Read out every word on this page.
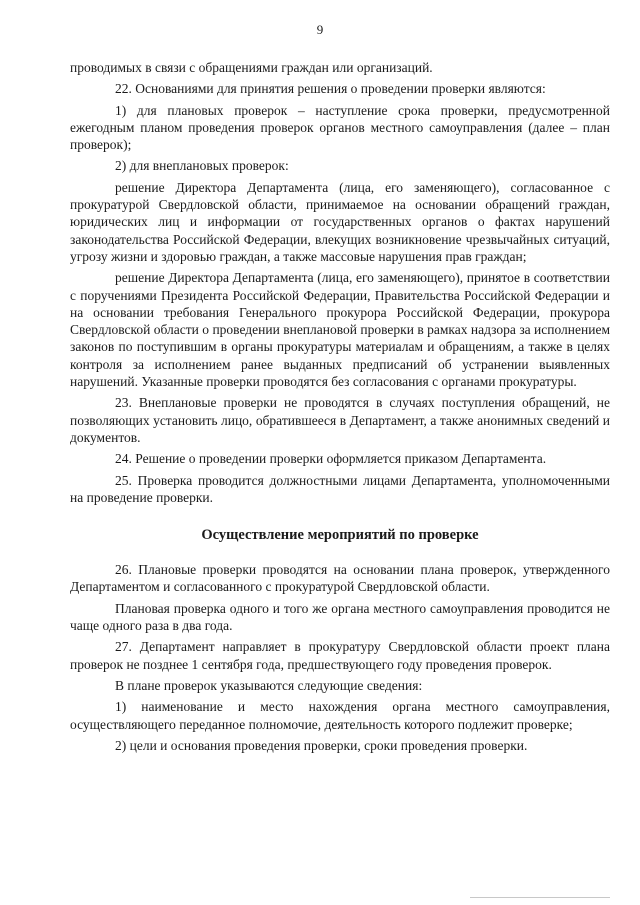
9

проводимых в связи с обращениями граждан или организаций.

22. Основаниями для принятия решения о проведении проверки являются:

1) для плановых проверок – наступление срока проверки, предусмотренной ежегодным планом проведения проверок органов местного самоуправления (далее – план проверок);

2) для внеплановых проверок:

решение Директора Департамента (лица, его заменяющего), согласованное с прокуратурой Свердловской области, принимаемое на основании обращений граждан, юридических лиц и информации от государственных органов о фактах нарушений законодательства Российской Федерации, влекущих возникновение чрезвычайных ситуаций, угрозу жизни и здоровью граждан, а также массовые нарушения прав граждан;

решение Директора Департамента (лица, его заменяющего), принятое в соответствии с поручениями Президента Российской Федерации, Правительства Российской Федерации и на основании требования Генерального прокурора Российской Федерации, прокурора Свердловской области о проведении внеплановой проверки в рамках надзора за исполнением законов по поступившим в органы прокуратуры материалам и обращениям, а также в целях контроля за исполнением ранее выданных предписаний об устранении выявленных нарушений. Указанные проверки проводятся без согласования с органами прокуратуры.

23. Внеплановые проверки не проводятся в случаях поступления обращений, не позволяющих установить лицо, обратившееся в Департамент, а также анонимных сведений и документов.

24. Решение о проведении проверки оформляется приказом Департамента.

25. Проверка проводится должностными лицами Департамента, уполномоченными на проведение проверки.

Осуществление мероприятий по проверке

26. Плановые проверки проводятся на основании плана проверок, утвержденного Департаментом и согласованного с прокуратурой Свердловской области.

Плановая проверка одного и того же органа местного самоуправления проводится не чаще одного раза в два года.

27. Департамент направляет в прокуратуру Свердловской области проект плана проверок не позднее 1 сентября года, предшествующего году проведения проверок.

В плане проверок указываются следующие сведения:

1) наименование и место нахождения органа местного самоуправления, осуществляющего переданное полномочие, деятельность которого подлежит проверке;

2) цели и основания проведения проверки, сроки проведения проверки.
